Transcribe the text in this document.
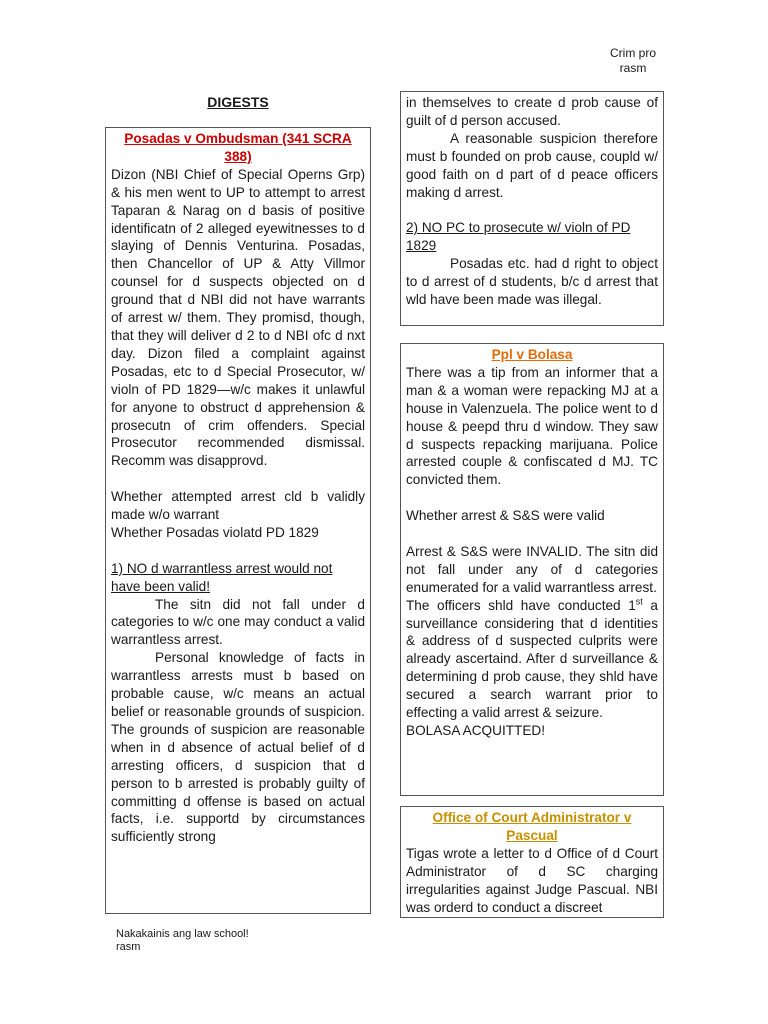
Crim pro
rasm
DIGESTS
Posadas v Ombudsman (341 SCRA 388)

Dizon (NBI Chief of Special Operns Grp) & his men went to UP to attempt to arrest Taparan & Narag on d basis of positive identificatn of 2 alleged eyewitnesses to d slaying of Dennis Venturina. Posadas, then Chancellor of UP & Atty Villmor counsel for d suspects objected on d ground that d NBI did not have warrants of arrest w/ them. They promisd, though, that they will deliver d 2 to d NBI ofc d nxt day. Dizon filed a complaint against Posadas, etc to d Special Prosecutor, w/ violn of PD 1829—w/c makes it unlawful for anyone to obstruct d apprehension & prosecutn of crim offenders. Special Prosecutor recommended dismissal. Recomm was disapprovd.

Whether attempted arrest cld b validly made w/o warrant

Whether Posadas violatd PD 1829

1) NO d warrantless arrest would not have been valid!

The sitn did not fall under d categories to w/c one may conduct a valid warrantless arrest.

Personal knowledge of facts in warrantless arrests must b based on probable cause, w/c means an actual belief or reasonable grounds of suspicion. The grounds of suspicion are reasonable when in d absence of actual belief of d arresting officers, d suspicion that d person to b arrested is probably guilty of committing d offense is based on actual facts, i.e. supportd by circumstances sufficiently strong

in themselves to create d prob cause of guilt of d person accused.

A reasonable suspicion therefore must b founded on prob cause, coupld w/ good faith on d part of d peace officers making d arrest.

2) NO PC to prosecute w/ violn of PD 1829

Posadas etc. had d right to object to d arrest of d students, b/c d arrest that wld have been made was illegal.

Ppl v Bolasa

There was a tip from an informer that a man & a woman were repacking MJ at a house in Valenzuela. The police went to d house & peepd thru d window. They saw d suspects repacking marijuana. Police arrested couple & confiscated d MJ. TC convicted them.

Whether arrest & S&S were valid

Arrest & S&S were INVALID. The sitn did not fall under any of d categories enumerated for a valid warrantless arrest.

The officers shld have conducted 1st a surveillance considering that d identities & address of d suspected culprits were already ascertaind. After d surveillance & determining d prob cause, they shld have secured a search warrant prior to effecting a valid arrest & seizure.

BOLASA ACQUITTED!

Office of Court Administrator v Pascual

Tigas wrote a letter to d Office of d Court Administrator of d SC charging irregularities against Judge Pascual. NBI was orderd to conduct a discreet

Nakakainis ang law school!
rasm
